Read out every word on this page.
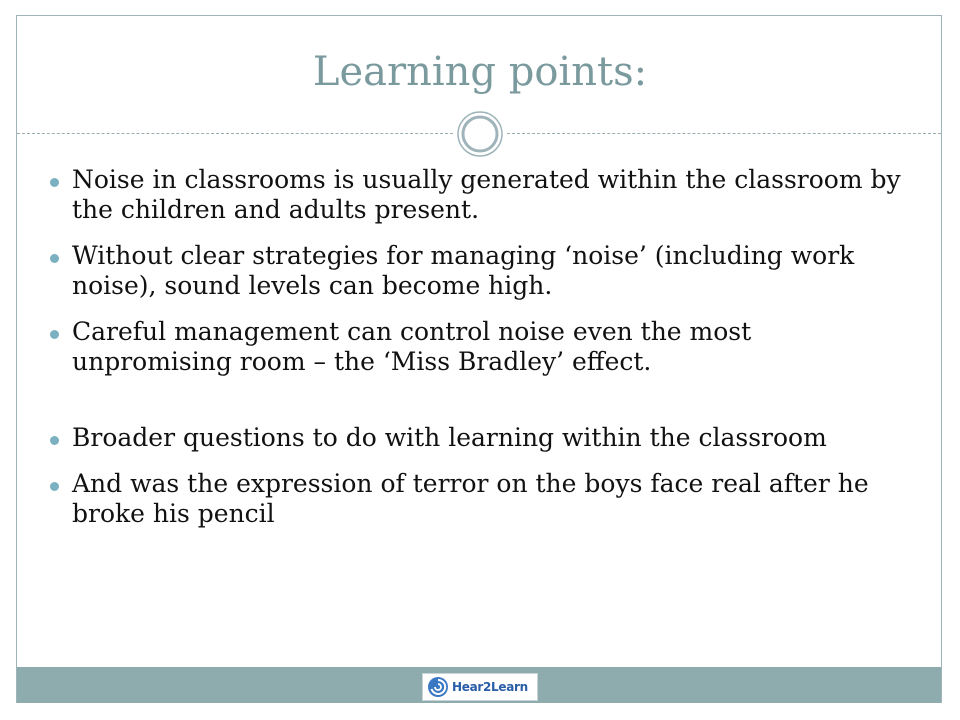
Learning points:
Noise in classrooms is usually generated within the classroom by the children and adults present.
Without clear strategies for managing ‘noise’ (including work noise), sound levels can become high.
Careful management can control noise even the most unpromising room – the ‘Miss Bradley’ effect.
Broader questions to do with learning within the classroom
And was the expression of terror on the boys face real after he broke his pencil
Hear2Learn
